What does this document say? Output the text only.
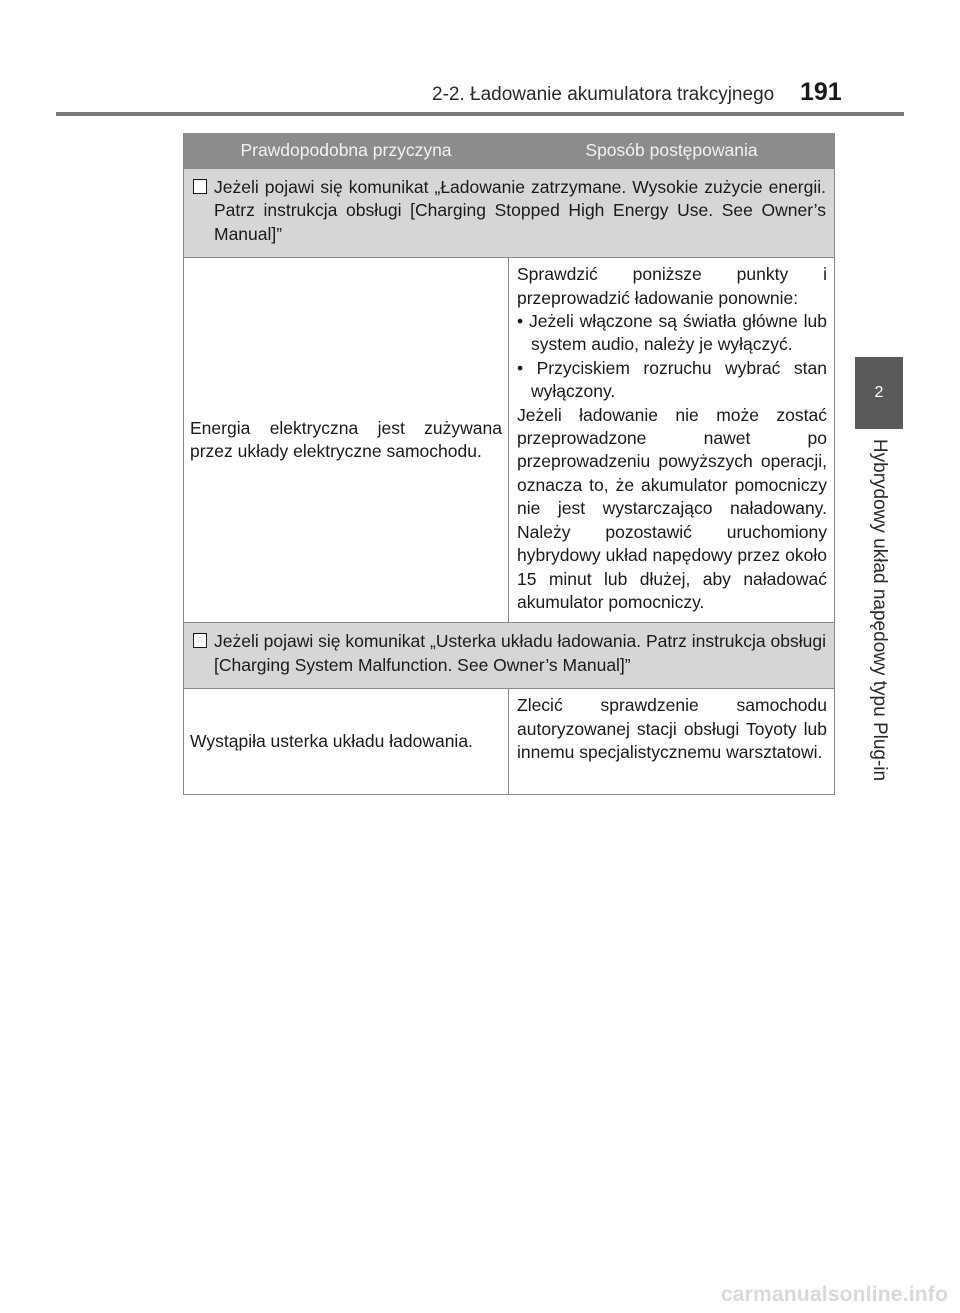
2-2. Ładowanie akumulatora trakcyjnego 191
2
Hybrydowy układ napędowy typu Plug-in
Prawdopodobna przyczyna	Sposób postępowania

Jeżeli pojawi się komunikat „Ładowanie zatrzymane. Wysokie zużycie energii. Patrz instrukcja obsługi [Charging Stopped High Energy Use. See Owner’s Manual]”	
Energia elektryczna jest zużywana przez układy elektryczne samochodu.	Sprawdzić poniższe punkty i przeprowadzić ładowanie ponownie:
• Jeżeli włączone są światła główne lub system audio, należy je wyłączyć.
• Przyciskiem rozruchu wybrać stan wyłączony.
Jeżeli ładowanie nie może zostać przeprowadzone nawet po przeprowadzeniu powyższych operacji, oznacza to, że akumulator pomocniczy nie jest wystarczająco naładowany. Należy pozostawić uruchomiony hybrydowy układ napędowy przez około 15 minut lub dłużej, aby naładować akumulator pomocniczy.

Jeżeli pojawi się komunikat „Usterka układu ładowania. Patrz instrukcja obsługi [Charging System Malfunction. See Owner’s Manual]”	
Wystąpiła usterka układu ładowania.	Zlecić sprawdzenie samochodu autoryzowanej stacji obsługi Toyoty lub innemu specjalistycznemu warsztatowi.
carmanualsonline.info
